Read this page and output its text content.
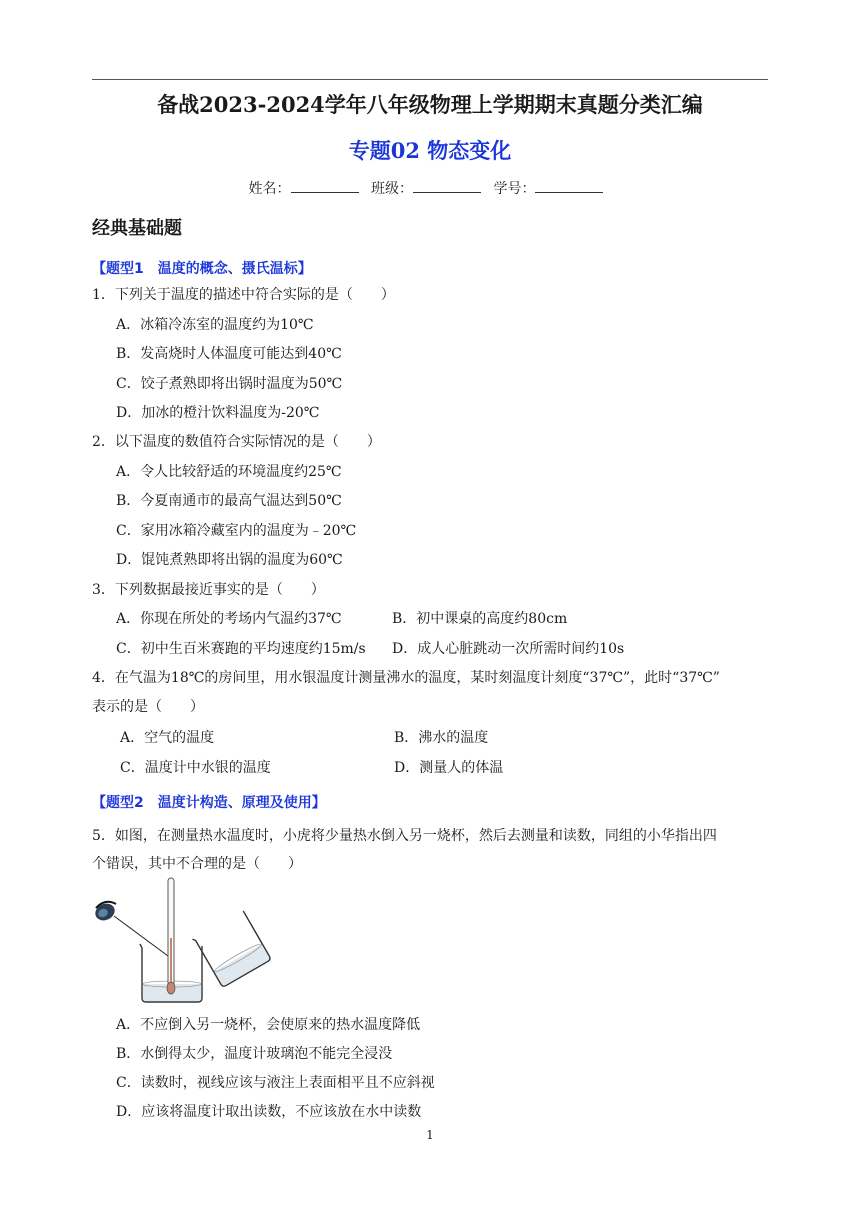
备战2023-2024学年八年级物理上学期期末真题分类汇编
专题02 物态变化
姓名：	班级：	学号：
经典基础题
【题型1　温度的概念、摄氏温标】
1．下列关于温度的描述中符合实际的是（　　）
A．冰箱冷冻室的温度约为10℃
B．发高烧时人体温度可能达到40℃
C．饺子煮熟即将出锅时温度为50℃
D．加冰的橙汁饮料温度为-20℃
2．以下温度的数值符合实际情况的是（　　）
A．令人比较舒适的环境温度约25℃
B．今夏南通市的最高气温达到50℃
C．家用冰箱冷藏室内的温度为﹣20℃
D．馄饨煮熟即将出锅的温度为60℃
3．下列数据最接近事实的是（　　）
A．你现在所处的考场内气温约37℃	B．初中课桌的高度约80cm
C．初中生百米赛跑的平均速度约15m/s D．成人心脏跳动一次所需时间约10s
4．在气温为18℃的房间里，用水银温度计测量沸水的温度，某时刻温度计刻度“37℃”，此时“37℃”
表示的是（　　）
A．空气的温度	B．沸水的温度
C．温度计中水银的温度	D．测量人的体温
【题型2　温度计构造、原理及使用】
5．如图，在测量热水温度时，小虎将少量热水倒入另一烧杯，然后去测量和读数，同组的小华指出四
个错误，其中不合理的是（　　）
A．不应倒入另一烧杯，会使原来的热水温度降低
B．水倒得太少，温度计玻璃泡不能完全浸没
C．读数时，视线应该与液注上表面相平且不应斜视
D．应该将温度计取出读数，不应该放在水中读数
1
